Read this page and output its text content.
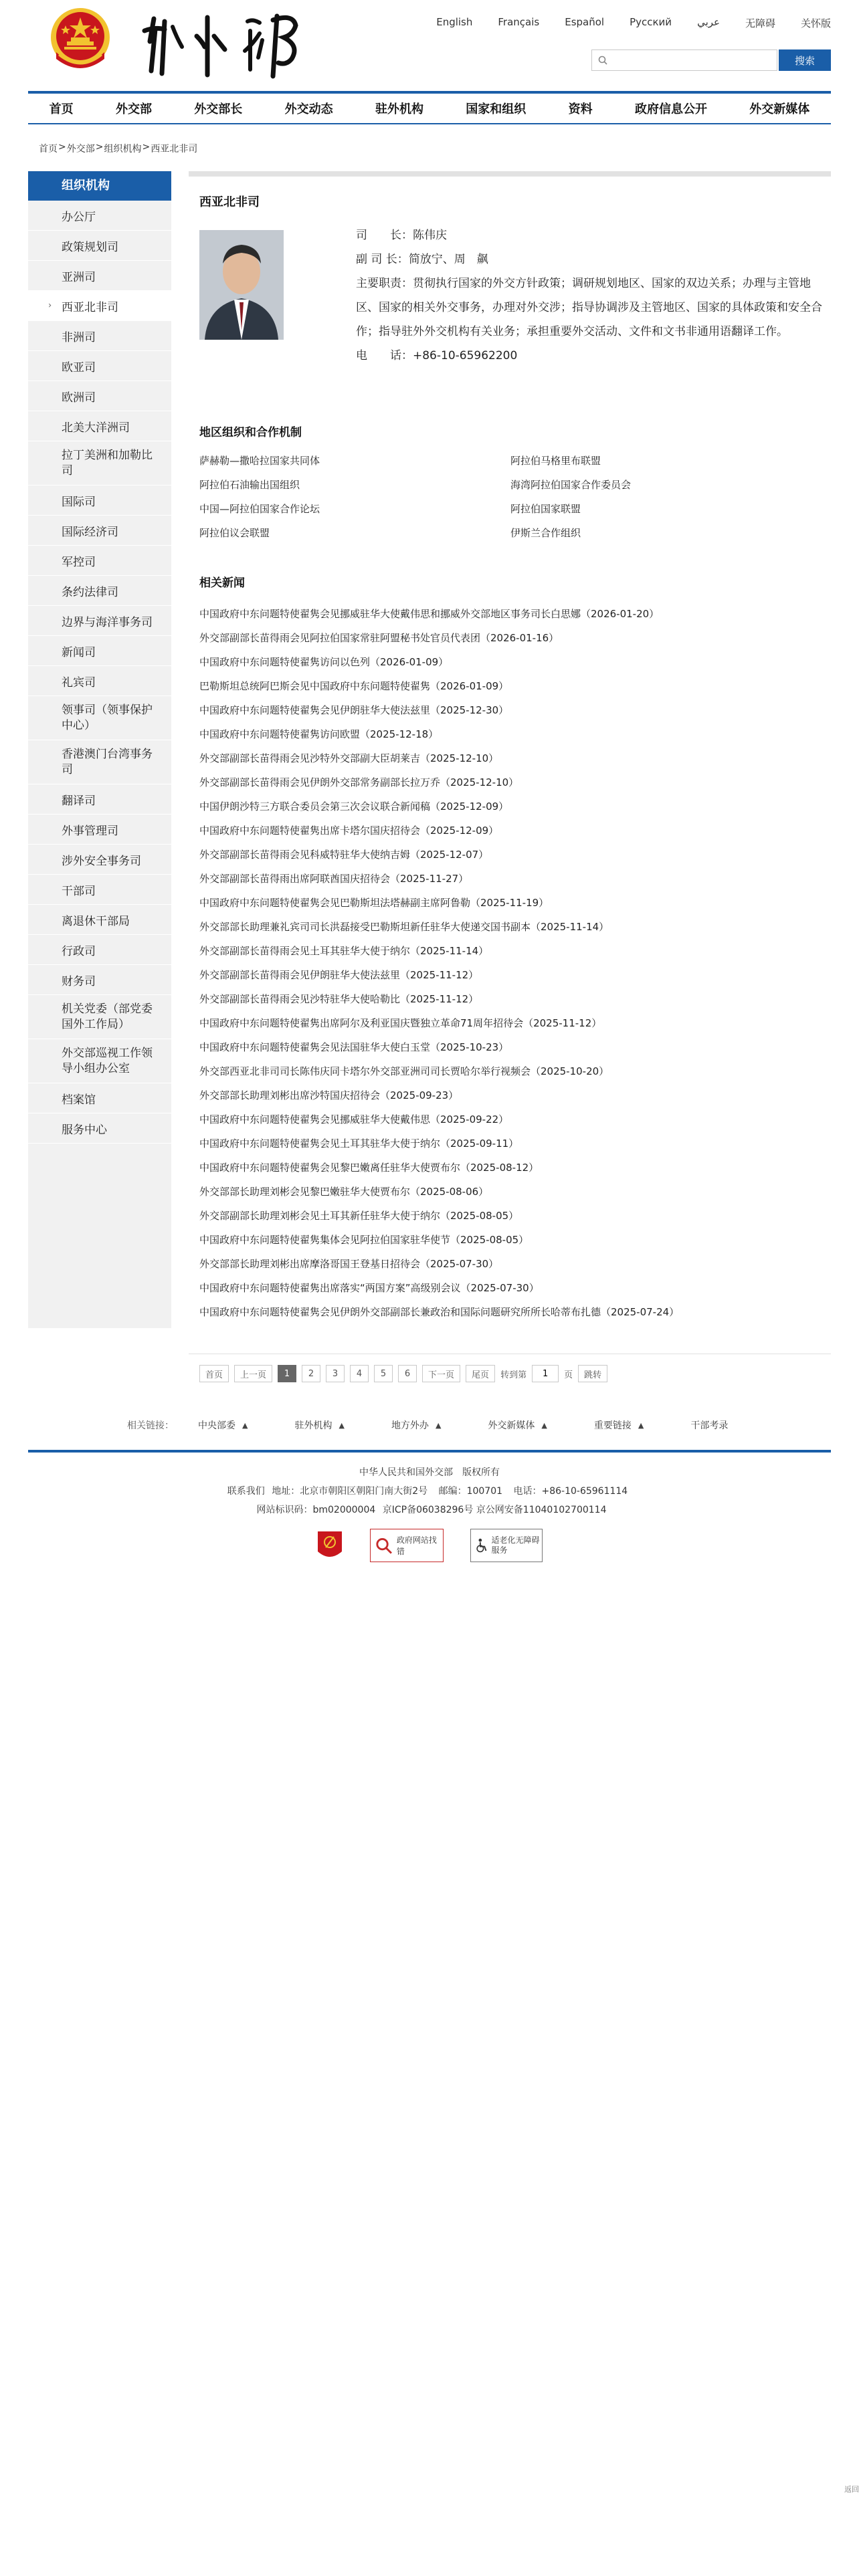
English	Français	Español	Русский	عربي	无障碍	关怀版
搜索
首页	外交部	外交部长	外交动态	驻外机构	国家和组织	资料	政府信息公开	外交新媒体
首页 > 外交部 > 组织机构 > 西亚北非司
组织机构
办公厅
政策规划司
亚洲司
› 西亚北非司
非洲司
欧亚司
欧洲司
北美大洋洲司
拉丁美洲和加勒比司
国际司
国际经济司
军控司
条约法律司
边界与海洋事务司
新闻司
礼宾司
领事司（领事保护中心）
香港澳门台湾事务司
翻译司
外事管理司
涉外安全事务司
干部司
离退休干部局
行政司
财务司
机关党委（部党委国外工作局）
外交部巡视工作领导小组办公室
档案馆
服务中心
西亚北非司
司　　长：陈伟庆
副 司 长：简放宁、周　飙
主要职责：贯彻执行国家的外交方针政策；调研规划地区、国家的双边关系；办理与主管地区、国家的相关外交事务，办理对外交涉；指导协调涉及主管地区、国家的具体政策和安全合作；指导驻外外交机构有关业务；承担重要外交活动、文件和文书非通用语翻译工作。
电　　话：+86-10-65962200
地区组织和合作机制
萨赫勒—撒哈拉国家共同体	阿拉伯马格里布联盟
阿拉伯石油输出国组织	海湾阿拉伯国家合作委员会
中国—阿拉伯国家合作论坛	阿拉伯国家联盟
阿拉伯议会联盟	伊斯兰合作组织
相关新闻
中国政府中东问题特使翟隽会见挪威驻华大使戴伟思和挪威外交部地区事务司长白思娜（2026-01-20）
外交部副部长苗得雨会见阿拉伯国家常驻阿盟秘书处官员代表团（2026-01-16）
中国政府中东问题特使翟隽访问以色列（2026-01-09）
巴勒斯坦总统阿巴斯会见中国政府中东问题特使翟隽（2026-01-09）
中国政府中东问题特使翟隽会见伊朗驻华大使法兹里（2025-12-30）
中国政府中东问题特使翟隽访问欧盟（2025-12-18）
外交部副部长苗得雨会见沙特外交部副大臣胡莱吉（2025-12-10）
外交部副部长苗得雨会见伊朗外交部常务副部长拉万乔（2025-12-10）
中国伊朗沙特三方联合委员会第三次会议联合新闻稿（2025-12-09）
中国政府中东问题特使翟隽出席卡塔尔国庆招待会（2025-12-09）
外交部副部长苗得雨会见科威特驻华大使纳吉姆（2025-12-07）
外交部副部长苗得雨出席阿联酋国庆招待会（2025-11-27）
中国政府中东问题特使翟隽会见巴勒斯坦法塔赫副主席阿鲁勒（2025-11-19）
外交部部长助理兼礼宾司司长洪磊接受巴勒斯坦新任驻华大使递交国书副本（2025-11-14）
外交部副部长苗得雨会见土耳其驻华大使于纳尔（2025-11-14）
外交部副部长苗得雨会见伊朗驻华大使法兹里（2025-11-12）
外交部副部长苗得雨会见沙特驻华大使哈勒比（2025-11-12）
中国政府中东问题特使翟隽出席阿尔及利亚国庆暨独立革命71周年招待会（2025-11-12）
中国政府中东问题特使翟隽会见法国驻华大使白玉堂（2025-10-23）
外交部西亚北非司司长陈伟庆同卡塔尔外交部亚洲司司长贾哈尔举行视频会（2025-10-20）
外交部部长助理刘彬出席沙特国庆招待会（2025-09-23）
中国政府中东问题特使翟隽会见挪威驻华大使戴伟思（2025-09-22）
中国政府中东问题特使翟隽会见土耳其驻华大使于纳尔（2025-09-11）
中国政府中东问题特使翟隽会见黎巴嫩离任驻华大使贾布尔（2025-08-12）
外交部部长助理刘彬会见黎巴嫩驻华大使贾布尔（2025-08-06）
外交部副部长助理刘彬会见土耳其新任驻华大使于纳尔（2025-08-05）
中国政府中东问题特使翟隽集体会见阿拉伯国家驻华使节（2025-08-05）
外交部部长助理刘彬出席摩洛哥国王登基日招待会（2025-07-30）
中国政府中东问题特使翟隽出席落实“两国方案”高级别会议（2025-07-30）
中国政府中东问题特使翟隽会见伊朗外交部副部长兼政治和国际问题研究所所长哈蒂布扎德（2025-07-24）
首页	上一页	1	2	3	4	5	6	下一页	尾页	转到第
1	页	跳转
相关链接：	中央部委 ▲	驻外机构 ▲	地方外办 ▲	外交新媒体 ▲	重要链接 ▲	干部考录
中华人民共和国外交部　版权所有
联系我们 地址：北京市朝阳区朝阳门南大街2号 邮编：100701 电话：+86-10-65961114
网站标识码：bm02000004 京ICP备06038296号 京公网安备11040102700114
政府网站找错
适老化无障碍服务
返回
